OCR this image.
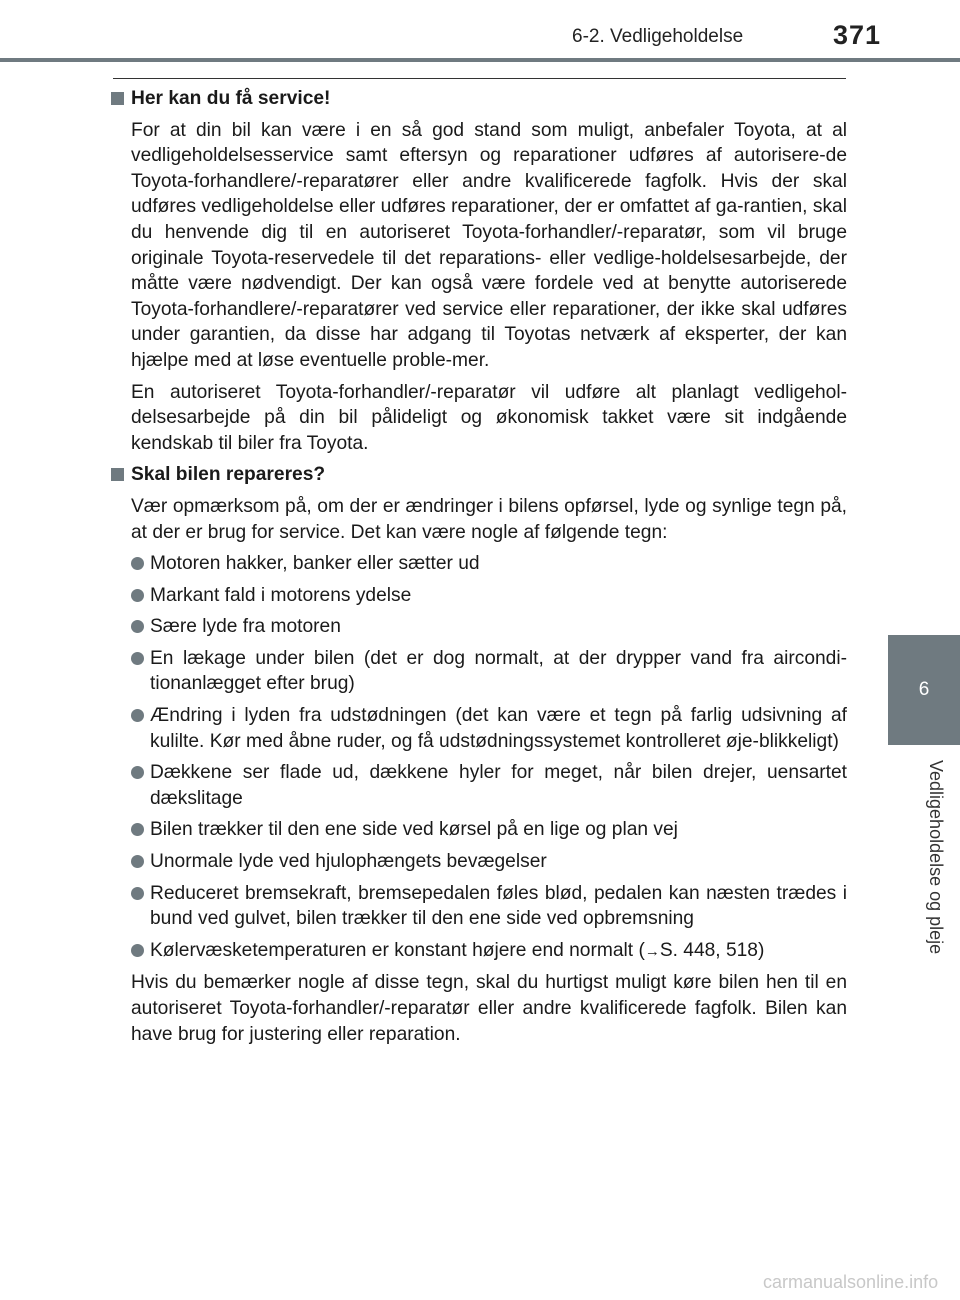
6-2. Vedligeholdelse	371
6
Vedligeholdelse og pleje
Her kan du få service!
For at din bil kan være i en så god stand som muligt, anbefaler Toyota, at al vedligeholdelsesservice samt eftersyn og reparationer udføres af autorisere-de Toyota-forhandlere/-reparatører eller andre kvalificerede fagfolk. Hvis der skal udføres vedligeholdelse eller udføres reparationer, der er omfattet af ga-rantien, skal du henvende dig til en autoriseret Toyota-forhandler/-reparatør, som vil bruge originale Toyota-reservedele til det reparations- eller vedlige-holdelsesarbejde, der måtte være nødvendigt. Der kan også være fordele ved at benytte autoriserede Toyota-forhandlere/-reparatører ved service eller reparationer, der ikke skal udføres under garantien, da disse har adgang til Toyotas netværk af eksperter, der kan hjælpe med at løse eventuelle proble-mer.
En autoriseret Toyota-forhandler/-reparatør vil udføre alt planlagt vedligehol-delsesarbejde på din bil pålideligt og økonomisk takket være sit indgående kendskab til biler fra Toyota.
Skal bilen repareres?
Vær opmærksom på, om der er ændringer i bilens opførsel, lyde og synlige tegn på, at der er brug for service. Det kan være nogle af følgende tegn:
Motoren hakker, banker eller sætter ud
Markant fald i motorens ydelse
Sære lyde fra motoren
En lækage under bilen (det er dog normalt, at der drypper vand fra aircondi-tionanlægget efter brug)
Ændring i lyden fra udstødningen (det kan være et tegn på farlig udsivning af kulilte. Kør med åbne ruder, og få udstødningssystemet kontrolleret øje-blikkeligt)
Dækkene ser flade ud, dækkene hyler for meget, når bilen drejer, uensartet dækslitage
Bilen trækker til den ene side ved kørsel på en lige og plan vej
Unormale lyde ved hjulophængets bevægelser
Reduceret bremsekraft, bremsepedalen føles blød, pedalen kan næsten trædes i bund ved gulvet, bilen trækker til den ene side ved opbremsning
Kølervæsketemperaturen er konstant højere end normalt (→S. 448, 518)
Hvis du bemærker nogle af disse tegn, skal du hurtigst muligt køre bilen hen til en autoriseret Toyota-forhandler/-reparatør eller andre kvalificerede fagfolk. Bilen kan have brug for justering eller reparation.
carmanualsonline.info
